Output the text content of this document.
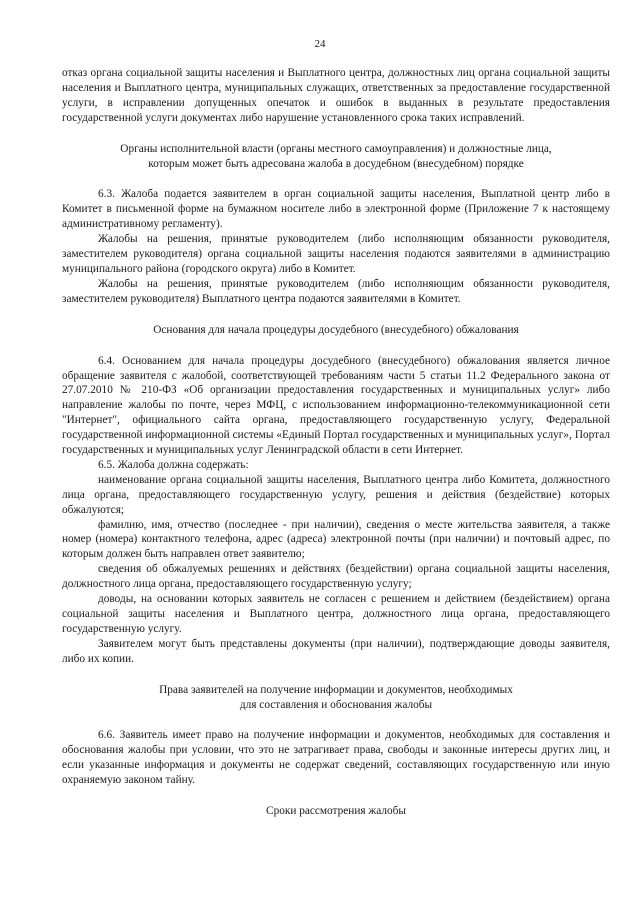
24

отказ органа социальной защиты населения и Выплатного центра, должностных лиц органа социальной защиты населения и Выплатного центра, муниципальных служащих, ответственных за предоставление государственной услуги, в исправлении допущенных опечаток и ошибок в выданных в результате предоставления государственной услуги документах либо нарушение установленного срока таких исправлений.

Органы исполнительной власти (органы местного самоуправления) и должностные лица,
которым может быть адресована жалоба в досудебном (внесудебном) порядке

6.3. Жалоба подается заявителем в орган социальной защиты населения, Выплатной центр либо в Комитет в письменной форме на бумажном носителе либо в электронной форме (Приложение 7 к настоящему административному регламенту).

Жалобы на решения, принятые руководителем (либо исполняющим обязанности руководителя, заместителем руководителя) органа социальной защиты населения подаются заявителями в администрацию муниципального района (городского округа) либо в Комитет.

Жалобы на решения, принятые руководителем (либо исполняющим обязанности руководителя, заместителем руководителя) Выплатного центра подаются заявителями в Комитет.

Основания для начала процедуры досудебного (внесудебного) обжалования

6.4. Основанием для начала процедуры досудебного (внесудебного) обжалования является личное обращение заявителя с жалобой, соответствующей требованиям части 5 статьи 11.2 Федерального закона от 27.07.2010 № 210-ФЗ «Об организации предоставления государственных и муниципальных услуг» либо направление жалобы по почте, через МФЦ, с использованием информационно-телекоммуникационной сети "Интернет", официального сайта органа, предоставляющего государственную услугу, Федеральной государственной информационной системы «Единый Портал государственных и муниципальных услуг», Портал государственных и муниципальных услуг Ленинградской области в сети Интернет.

6.5. Жалоба должна содержать:

наименование органа социальной защиты населения, Выплатного центра либо Комитета, должностного лица органа, предоставляющего государственную услугу, решения и действия (бездействие) которых обжалуются;

фамилию, имя, отчество (последнее - при наличии), сведения о месте жительства заявителя, а также номер (номера) контактного телефона, адрес (адреса) электронной почты (при наличии) и почтовый адрес, по которым должен быть направлен ответ заявителю;

сведения об обжалуемых решениях и действиях (бездействии) органа социальной защиты населения, должностного лица органа, предоставляющего государственную услугу;

доводы, на основании которых заявитель не согласен с решением и действием (бездействием) органа социальной защиты населения и Выплатного центра, должностного лица органа, предоставляющего государственную услугу.

Заявителем могут быть представлены документы (при наличии), подтверждающие доводы заявителя, либо их копии.

Права заявителей на получение информации и документов, необходимых
для составления и обоснования жалобы

6.6. Заявитель имеет право на получение информации и документов, необходимых для составления и обоснования жалобы при условии, что это не затрагивает права, свободы и законные интересы других лиц, и если указанные информация и документы не содержат сведений, составляющих государственную или иную охраняемую законом тайну.

Сроки рассмотрения жалобы
